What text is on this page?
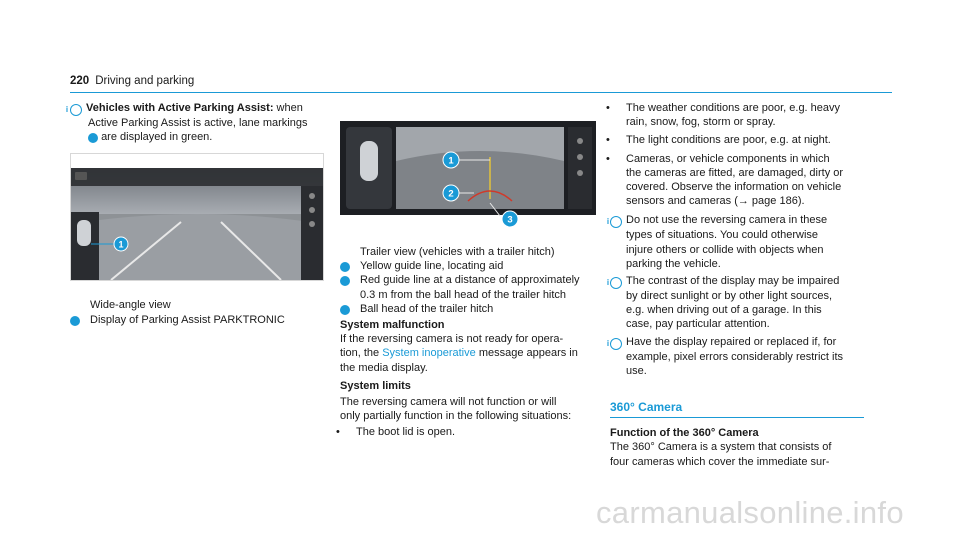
220 Driving and parking
i Vehicles with Active Parking Assist: when
Active Parking Assist is active, lane markings
4 are displayed in green.
1
Wide-angle view
1 Display of Parking Assist PARKTRONIC
1
2
3
Trailer view (vehicles with a trailer hitch)
1 Yellow guide line, locating aid
2 Red guide line at a distance of approximately
0.3 m from the ball head of the trailer hitch
3 Ball head of the trailer hitch
System malfunction
If the reversing camera is not ready for opera-
tion, the System inoperative message appears in
the media display.
System limits
The reversing camera will not function or will
only partially function in the following situations:
• The boot lid is open.
• The weather conditions are poor, e.g. heavy
rain, snow, fog, storm or spray.
• The light conditions are poor, e.g. at night.
• Cameras, or vehicle components in which
the cameras are fitted, are damaged, dirty or
covered. Observe the information on vehicle
sensors and cameras (→ page 186).
i Do not use the reversing camera in these
types of situations. You could otherwise
injure others or collide with objects when
parking the vehicle.
i The contrast of the display may be impaired
by direct sunlight or by other light sources,
e.g. when driving out of a garage. In this
case, pay particular attention.
i Have the display repaired or replaced if, for
example, pixel errors considerably restrict its
use.
360° Camera
Function of the 360° Camera
The 360° Camera is a system that consists of
four cameras which cover the immediate sur-
carmanualsonline.info
